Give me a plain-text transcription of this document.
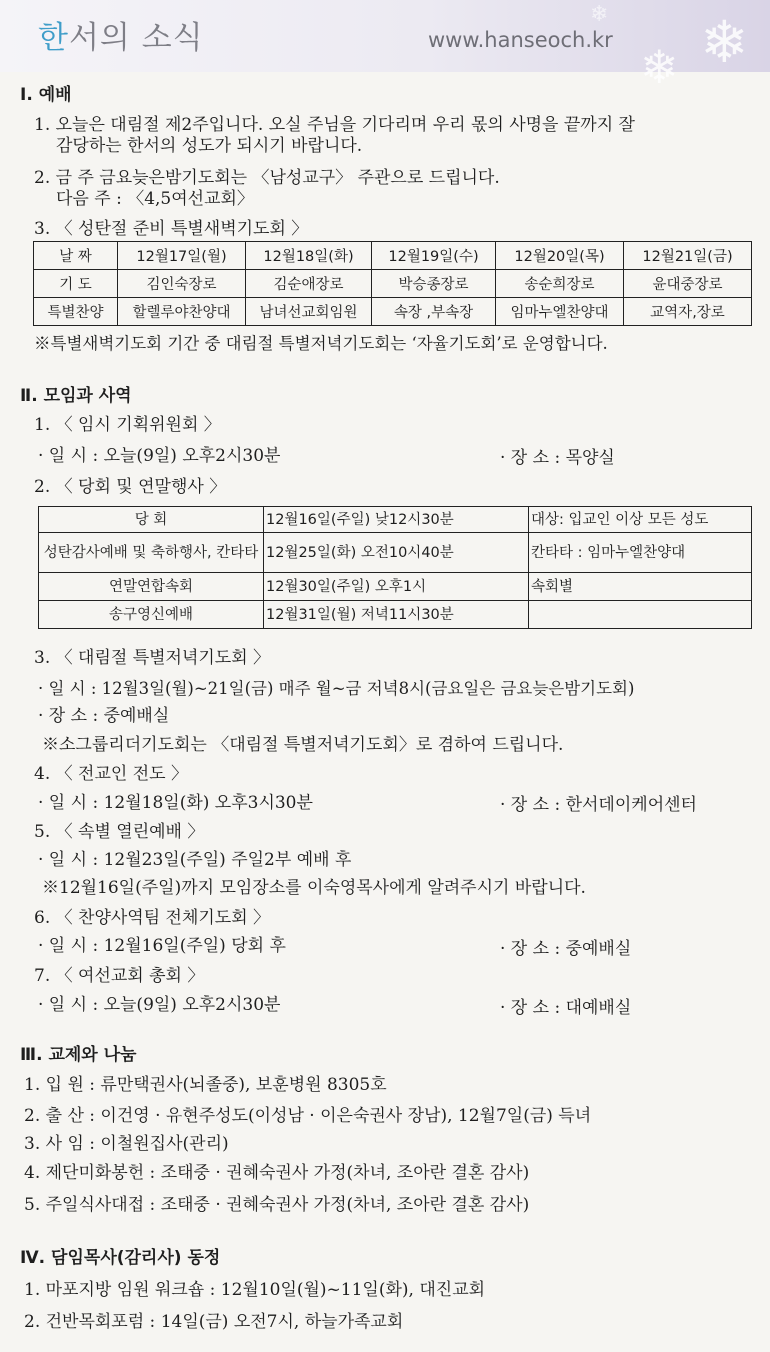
❄ ❄
❄
한서의 소식	www.hanseoch.kr
Ⅰ. 예배
1. 오늘은 대림절 제2주입니다. 오실 주님을 기다리며 우리 몫의 사명을 끝까지 잘
감당하는 한서의 성도가 되시기 바랍니다.
2. 금 주 금요늦은밤기도회는 〈남성교구〉 주관으로 드립니다.
다음 주 : 〈4,5여선교회〉
3. 〈 성탄절 준비 특별새벽기도회 〉
날 짜	12월17일(월)	12월18일(화)	12월19일(수)	12월20일(목)	12월21일(금)
기 도	김인숙장로	김순애장로	박승종장로	송순희장로	윤대중장로
특별찬양	할렐루야찬양대	남녀선교회임원	속장 ,부속장	임마누엘찬양대	교역자,장로
※특별새벽기도회 기간 중 대림절 특별저녁기도회는 ‘자율기도회’로 운영합니다.
Ⅱ. 모임과 사역
1. 〈 임시 기획위원회 〉
· 일 시 : 오늘(9일) 오후2시30분	· 장 소 : 목양실
2. 〈 당회 및 연말행사 〉
당 회	12월16일(주일) 낮12시30분	대상: 입교인 이상 모든 성도
성탄감사예배 및 축하행사, 칸타타	12월25일(화) 오전10시40분	칸타타 : 임마누엘찬양대
연말연합속회	12월30일(주일) 오후1시	속회별
송구영신예배	12월31일(월) 저녁11시30분	
3. 〈 대림절 특별저녁기도회 〉
· 일 시 : 12월3일(월)~21일(금) 매주 월~금 저녁8시(금요일은 금요늦은밤기도회)
· 장 소 : 중예배실
※소그룹리더기도회는 〈대림절 특별저녁기도회〉로 겸하여 드립니다.
4. 〈 전교인 전도 〉
· 일 시 : 12월18일(화) 오후3시30분	· 장 소 : 한서데이케어센터
5. 〈 속별 열린예배 〉
· 일 시 : 12월23일(주일) 주일2부 예배 후
※12월16일(주일)까지 모임장소를 이숙영목사에게 알려주시기 바랍니다.
6. 〈 찬양사역팀 전체기도회 〉
· 일 시 : 12월16일(주일) 당회 후	· 장 소 : 중예배실
7. 〈 여선교회 총회 〉
· 일 시 : 오늘(9일) 오후2시30분	· 장 소 : 대예배실
Ⅲ. 교제와 나눔
1. 입 원 : 류만택권사(뇌졸중), 보훈병원 8305호
2. 출 산 : 이건영 · 유현주성도(이성남 · 이은숙권사 장남), 12월7일(금) 득녀
3. 사 임 : 이철원집사(관리)
4. 제단미화봉헌 : 조태중 · 권혜숙권사 가정(차녀, 조아란 결혼 감사)
5. 주일식사대접 : 조태중 · 권혜숙권사 가정(차녀, 조아란 결혼 감사)
Ⅳ. 담임목사(감리사) 동정
1. 마포지방 임원 워크숍 : 12월10일(월)~11일(화), 대진교회
2. 건반목회포럼 : 14일(금) 오전7시, 하늘가족교회
